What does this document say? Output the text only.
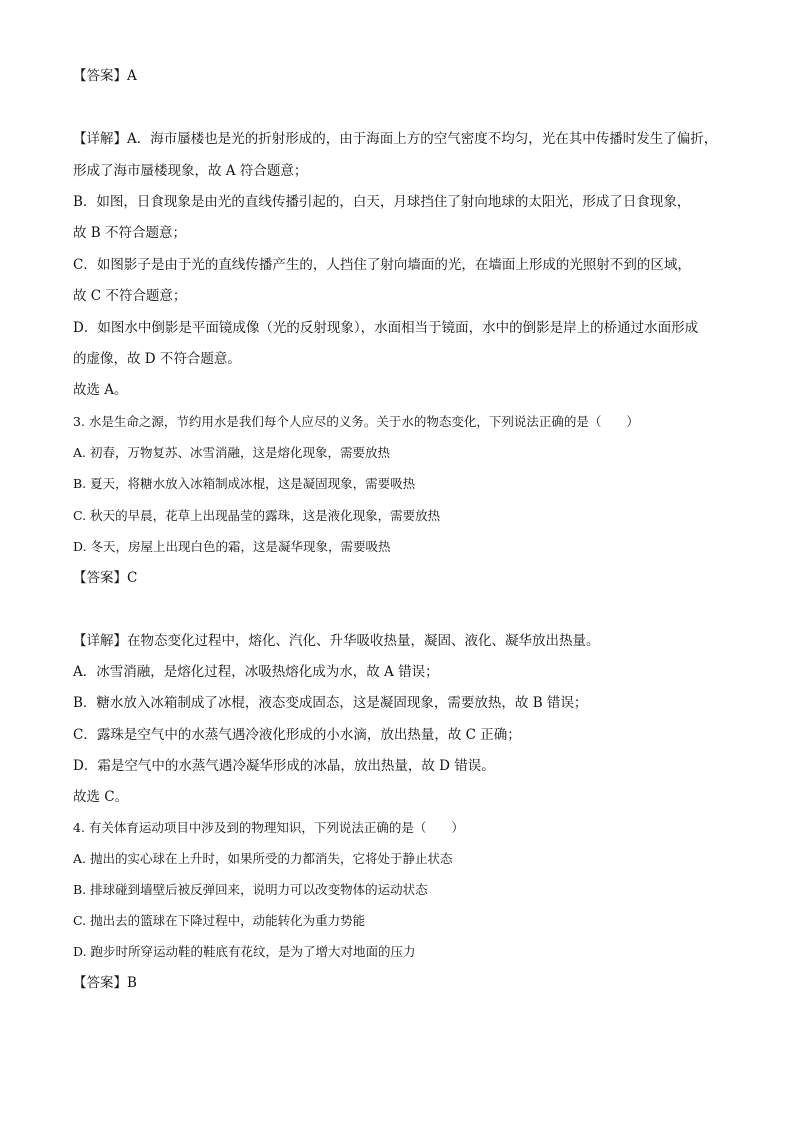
【答案】A
【详解】A．海市蜃楼也是光的折射形成的，由于海面上方的空气密度不均匀，光在其中传播时发生了偏折，
形成了海市蜃楼现象，故 A 符合题意；
B．如图，日食现象是由光的直线传播引起的，白天，月球挡住了射向地球的太阳光，形成了日食现象，
故 B 不符合题意；
C．如图影子是由于光的直线传播产生的，人挡住了射向墙面的光，在墙面上形成的光照射不到的区域，
故 C 不符合题意；
D．如图水中倒影是平面镜成像（光的反射现象），水面相当于镜面，水中的倒影是岸上的桥通过水面形成
的虚像，故 D 不符合题意。
故选 A。
3. 水是生命之源，节约用水是我们每个人应尽的义务。关于水的物态变化，下列说法正确的是（　　）
A. 初春，万物复苏、冰雪消融，这是熔化现象，需要放热
B. 夏天，将糖水放入冰箱制成冰棍，这是凝固现象，需要吸热
C. 秋天的早晨，花草上出现晶莹的露珠，这是液化现象，需要放热
D. 冬天，房屋上出现白色的霜，这是凝华现象，需要吸热
【答案】C
【详解】在物态变化过程中，熔化、汽化、升华吸收热量，凝固、液化、凝华放出热量。
A．冰雪消融，是熔化过程，冰吸热熔化成为水，故 A 错误；
B．糖水放入冰箱制成了冰棍，液态变成固态，这是凝固现象，需要放热，故 B 错误；
C．露珠是空气中的水蒸气遇冷液化形成的小水滴，放出热量，故 C 正确；
D．霜是空气中的水蒸气遇冷凝华形成的冰晶，放出热量，故 D 错误。
故选 C。
4. 有关体育运动项目中涉及到的物理知识，下列说法正确的是（　　）
A. 抛出的实心球在上升时，如果所受的力都消失，它将处于静止状态
B. 排球碰到墙壁后被反弹回来，说明力可以改变物体的运动状态
C. 抛出去的篮球在下降过程中，动能转化为重力势能
D. 跑步时所穿运动鞋的鞋底有花纹，是为了增大对地面的压力
【答案】B
